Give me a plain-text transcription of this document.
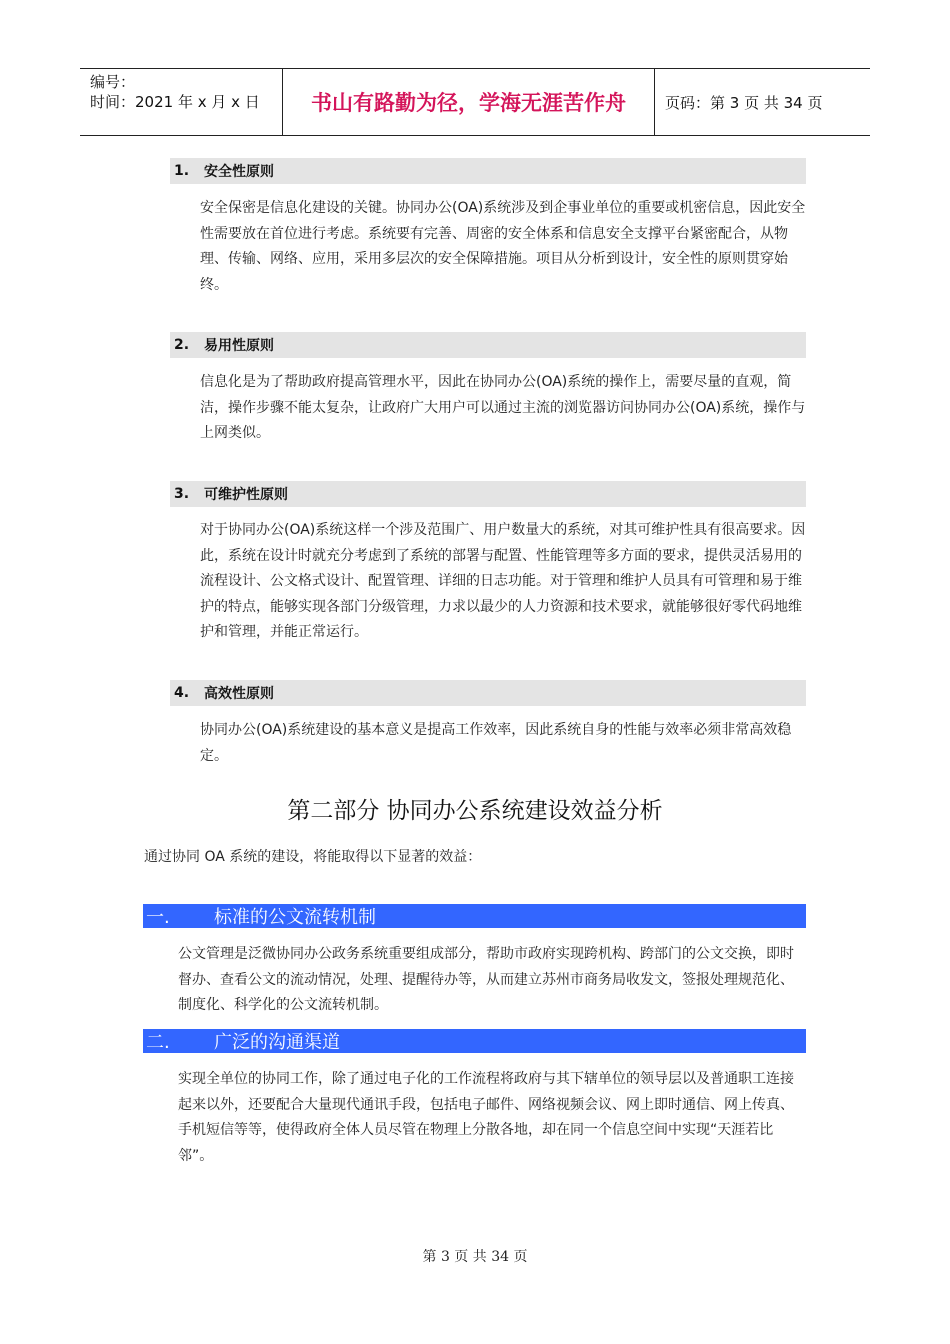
编号：
时间：2021 年 x 月 x 日	书山有路勤为径，学海无涯苦作舟	页码：第 3 页 共 34 页
1.	安全性原则
安全保密是信息化建设的关键。协同办公(OA)系统涉及到企事业单位的重要或机密信息，因此安全性需要放在首位进行考虑。系统要有完善、周密的安全体系和信息安全支撑平台紧密配合，从物理、传输、网络、应用，采用多层次的安全保障措施。项目从分析到设计，安全性的原则贯穿始终。
2.	易用性原则
信息化是为了帮助政府提高管理水平，因此在协同办公(OA)系统的操作上，需要尽量的直观，简洁，操作步骤不能太复杂，让政府广大用户可以通过主流的浏览器访问协同办公(OA)系统，操作与上网类似。
3.	可维护性原则
对于协同办公(OA)系统这样一个涉及范围广、用户数量大的系统，对其可维护性具有很高要求。因此，系统在设计时就充分考虑到了系统的部署与配置、性能管理等多方面的要求，提供灵活易用的流程设计、公文格式设计、配置管理、详细的日志功能。对于管理和维护人员具有可管理和易于维护的特点，能够实现各部门分级管理，力求以最少的人力资源和技术要求，就能够很好零代码地维护和管理，并能正常运行。
4.	高效性原则
协同办公(OA)系统建设的基本意义是提高工作效率，因此系统自身的性能与效率必须非常高效稳定。
第二部分 协同办公系统建设效益分析
通过协同 OA 系统的建设，将能取得以下显著的效益：
一.	标准的公文流转机制
公文管理是泛微协同办公政务系统重要组成部分，帮助市政府实现跨机构、跨部门的公文交换，即时督办、查看公文的流动情况，处理、提醒待办等，从而建立苏州市商务局收发文，签报处理规范化、制度化、科学化的公文流转机制。
二.	广泛的沟通渠道
实现全单位的协同工作，除了通过电子化的工作流程将政府与其下辖单位的领导层以及普通职工连接起来以外，还要配合大量现代通讯手段，包括电子邮件、网络视频会议、网上即时通信、网上传真、手机短信等等，使得政府全体人员尽管在物理上分散各地，却在同一个信息空间中实现“天涯若比邻”。
第 3 页 共 34 页
